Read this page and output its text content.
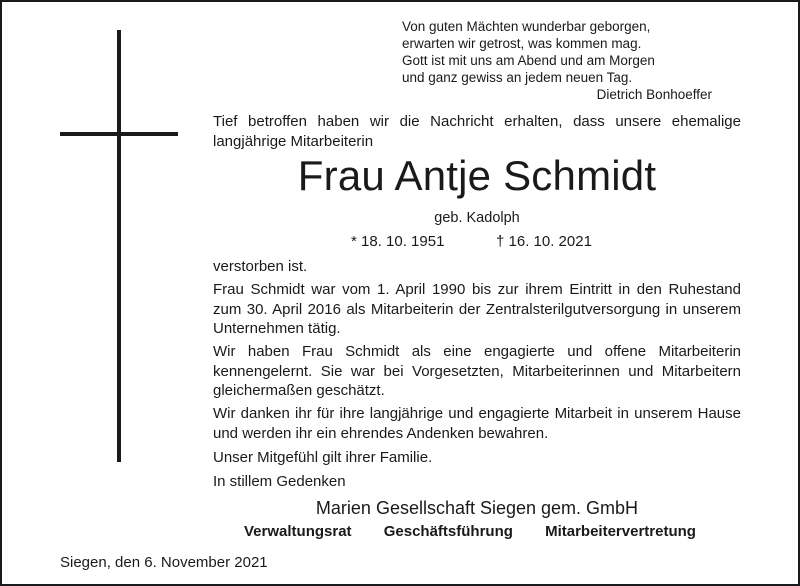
Von guten Mächten wunderbar geborgen,
erwarten wir getrost, was kommen mag.
Gott ist mit uns am Abend und am Morgen
und ganz gewiss an jedem neuen Tag.
Dietrich Bonhoeffer
Tief betroffen haben wir die Nachricht erhalten, dass unsere ehemalige langjährige Mitarbeiterin
Frau Antje Schmidt
geb. Kadolph
* 18. 10. 1951	† 16. 10. 2021
verstorben ist.
Frau Schmidt war vom 1. April 1990 bis zur ihrem Eintritt in den Ruhestand zum 30. April 2016 als Mitarbeiterin der Zentralsterilgutversorgung in unserem Unternehmen tätig.
Wir haben Frau Schmidt als eine engagierte und offene Mitarbeiterin kennengelernt. Sie war bei Vorgesetzten, Mitarbeiterinnen und Mitarbeitern gleichermaßen geschätzt.
Wir danken ihr für ihre langjährige und engagierte Mitarbeit in unserem Hause und werden ihr ein ehrendes Andenken bewahren.
Unser Mitgefühl gilt ihrer Familie.
In stillem Gedenken
Marien Gesellschaft Siegen gem. GmbH
Verwaltungsrat Geschäftsführung Mitarbeitervertretung
Siegen, den 6. November 2021
